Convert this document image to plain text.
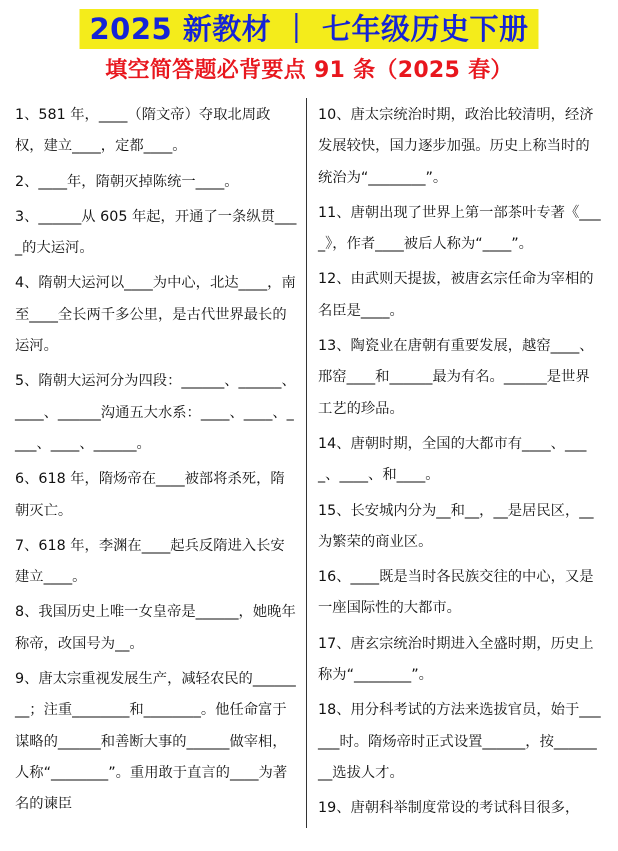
2025 新教材 ｜ 七年级历史下册
填空简答题必背要点 91 条（2025 春）

1、581 年，____（隋文帝）夺取北周政权，建立____，定都____。

2、____年，隋朝灭掉陈统一____。

3、______从 605 年起，开通了一条纵贯____的大运河。

4、隋朝大运河以____为中心，北达____，南至____全长两千多公里，是古代世界最长的运河。

5、隋朝大运河分为四段：______、______、____、______沟通五大水系：____、____、____、____、______。

6、618 年，隋炀帝在____被部将杀死，隋朝灭亡。

7、618 年，李渊在____起兵反隋进入长安建立____。

8、我国历史上唯一女皇帝是______，她晚年称帝，改国号为__。

9、唐太宗重视发展生产，减轻农民的________；注重________和________。他任命富于谋略的______和善断大事的______做宰相，人称“________”。重用敢于直言的____为著名的谏臣

10、唐太宗统治时期，政治比较清明，经济发展较快，国力逐步加强。历史上称当时的统治为“________”。

11、唐朝出现了世界上第一部茶叶专著《____》，作者____被后人称为“____”。

12、由武则天提拔，被唐玄宗任命为宰相的名臣是____。

13、陶瓷业在唐朝有重要发展，越窑____、邢窑____和______最为有名。______是世界工艺的珍品。

14、唐朝时期，全国的大都市有____、____、____、和____。

15、长安城内分为__和__，__是居民区，__为繁荣的商业区。

16、____既是当时各民族交往的中心，又是一座国际性的大都市。

17、唐玄宗统治时期进入全盛时期，历史上称为“________”。

18、用分科考试的方法来选拔官员，始于______时。隋炀帝时正式设置______，按________选拔人才。

19、唐朝科举制度常设的考试科目很多，
